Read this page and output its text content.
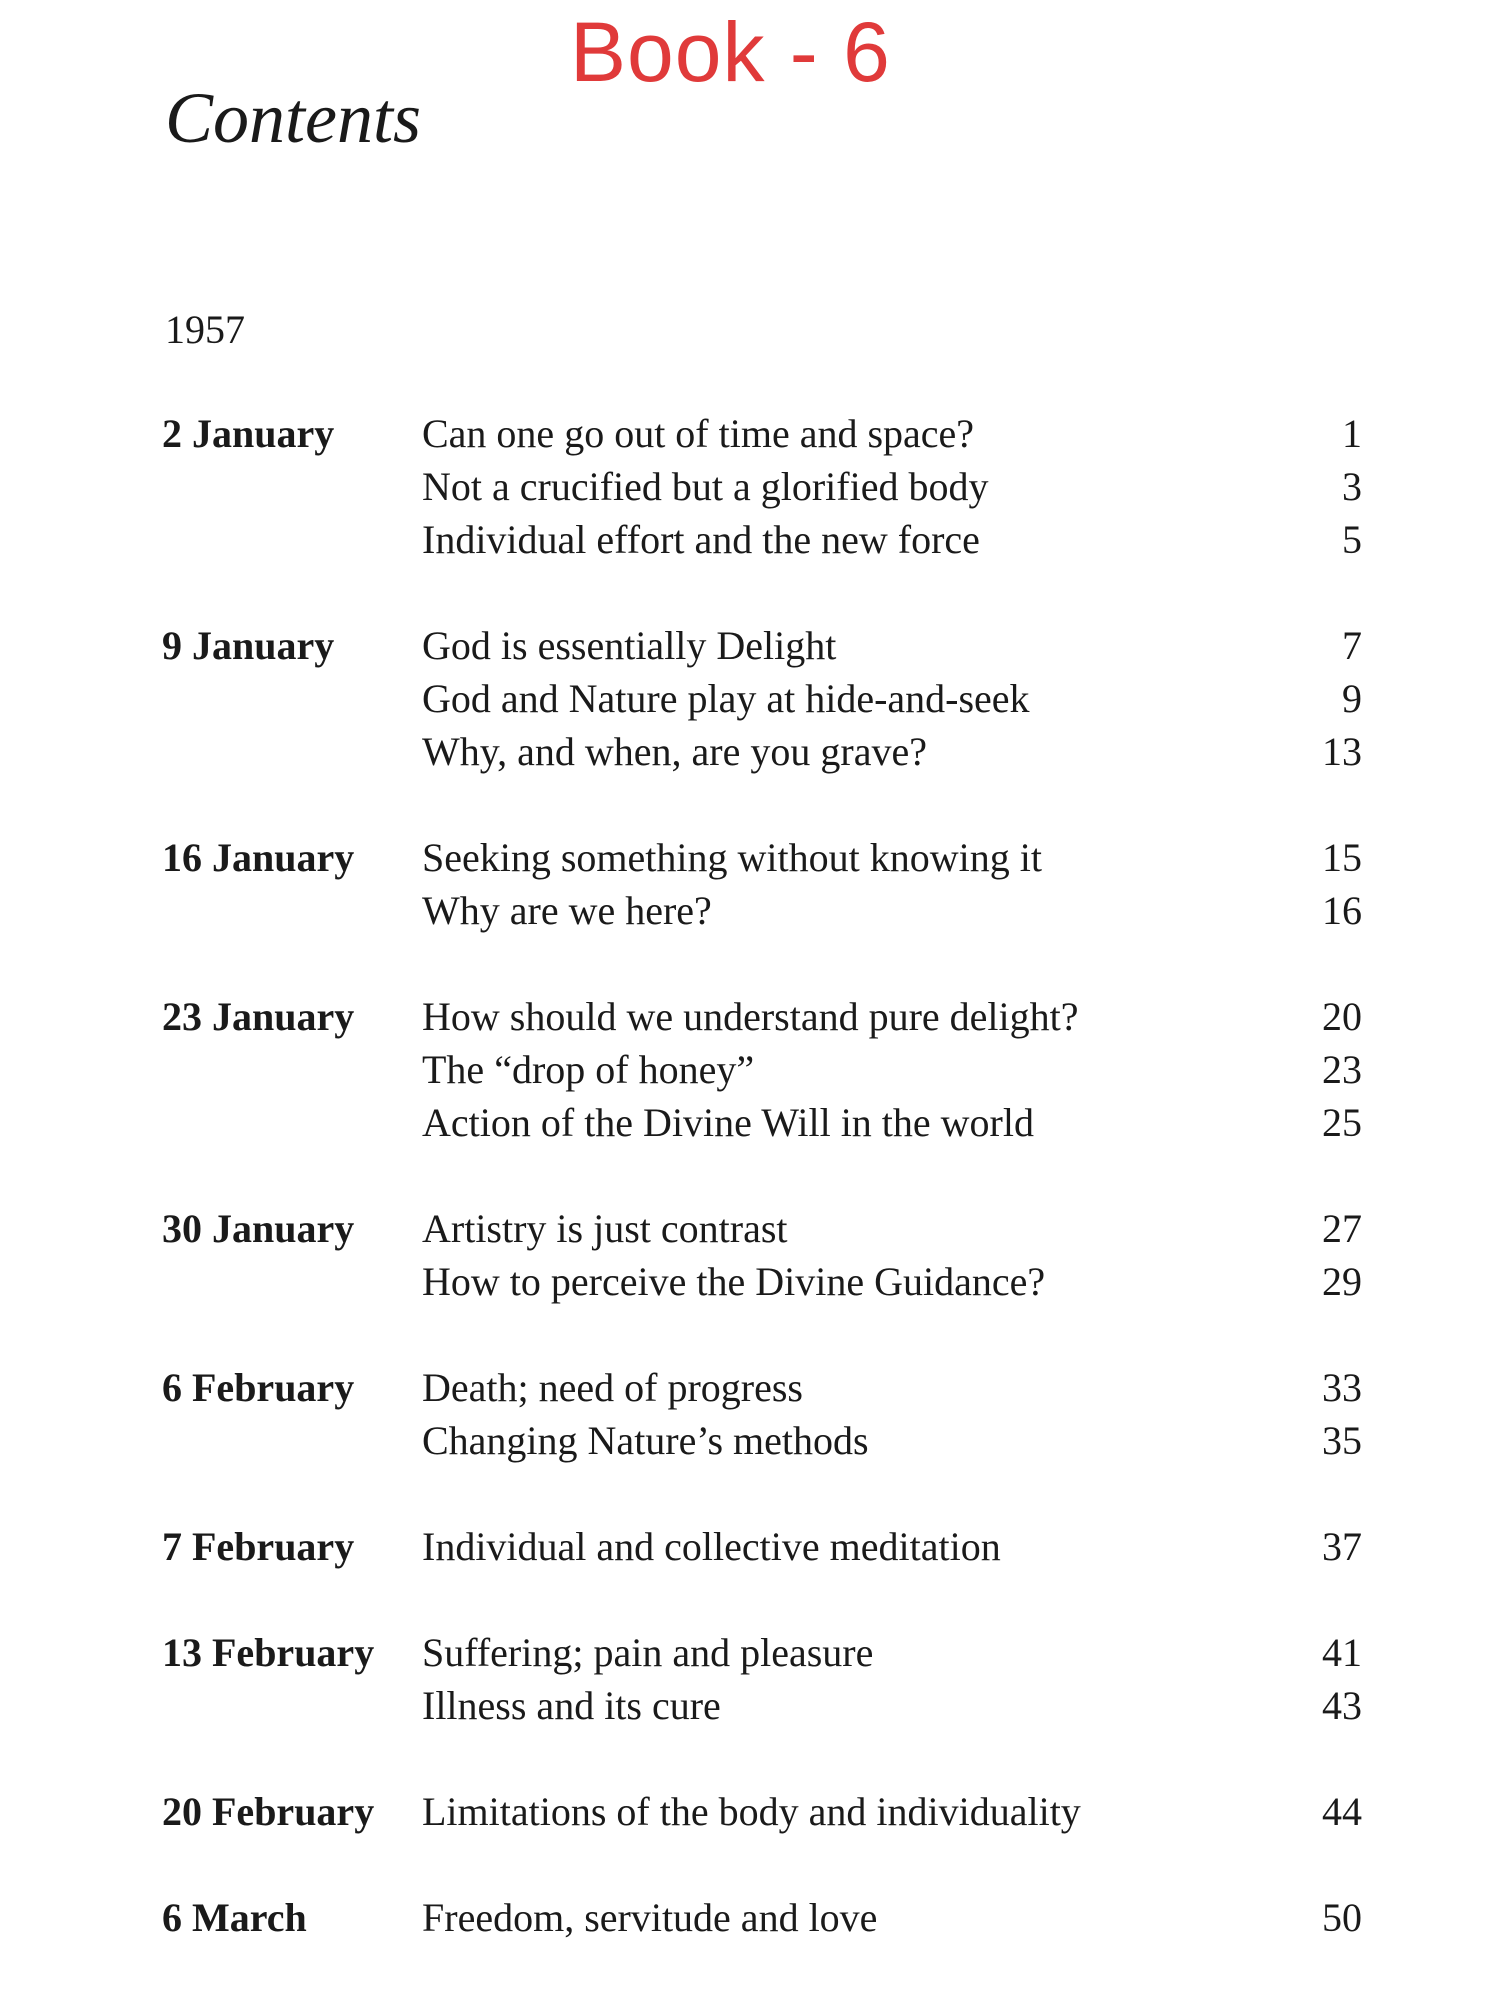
Book - 6
Contents
1957
2 January	Can one go out of time and space?	1
Not a crucified but a glorified body	3
Individual effort and the new force	5
9 January	God is essentially Delight	7
God and Nature play at hide-and-seek	9
Why, and when, are you grave?	13
16 January	Seeking something without knowing it	15
Why are we here?	16
23 January	How should we understand pure delight?	20
The “drop of honey”	23
Action of the Divine Will in the world	25
30 January	Artistry is just contrast	27
How to perceive the Divine Guidance?	29
6 February	Death; need of progress	33
Changing Nature’s methods	35
7 February	Individual and collective meditation	37
13 February	Suffering; pain and pleasure	41
Illness and its cure	43
20 February	Limitations of the body and individuality	44
6 March	Freedom, servitude and love	50
